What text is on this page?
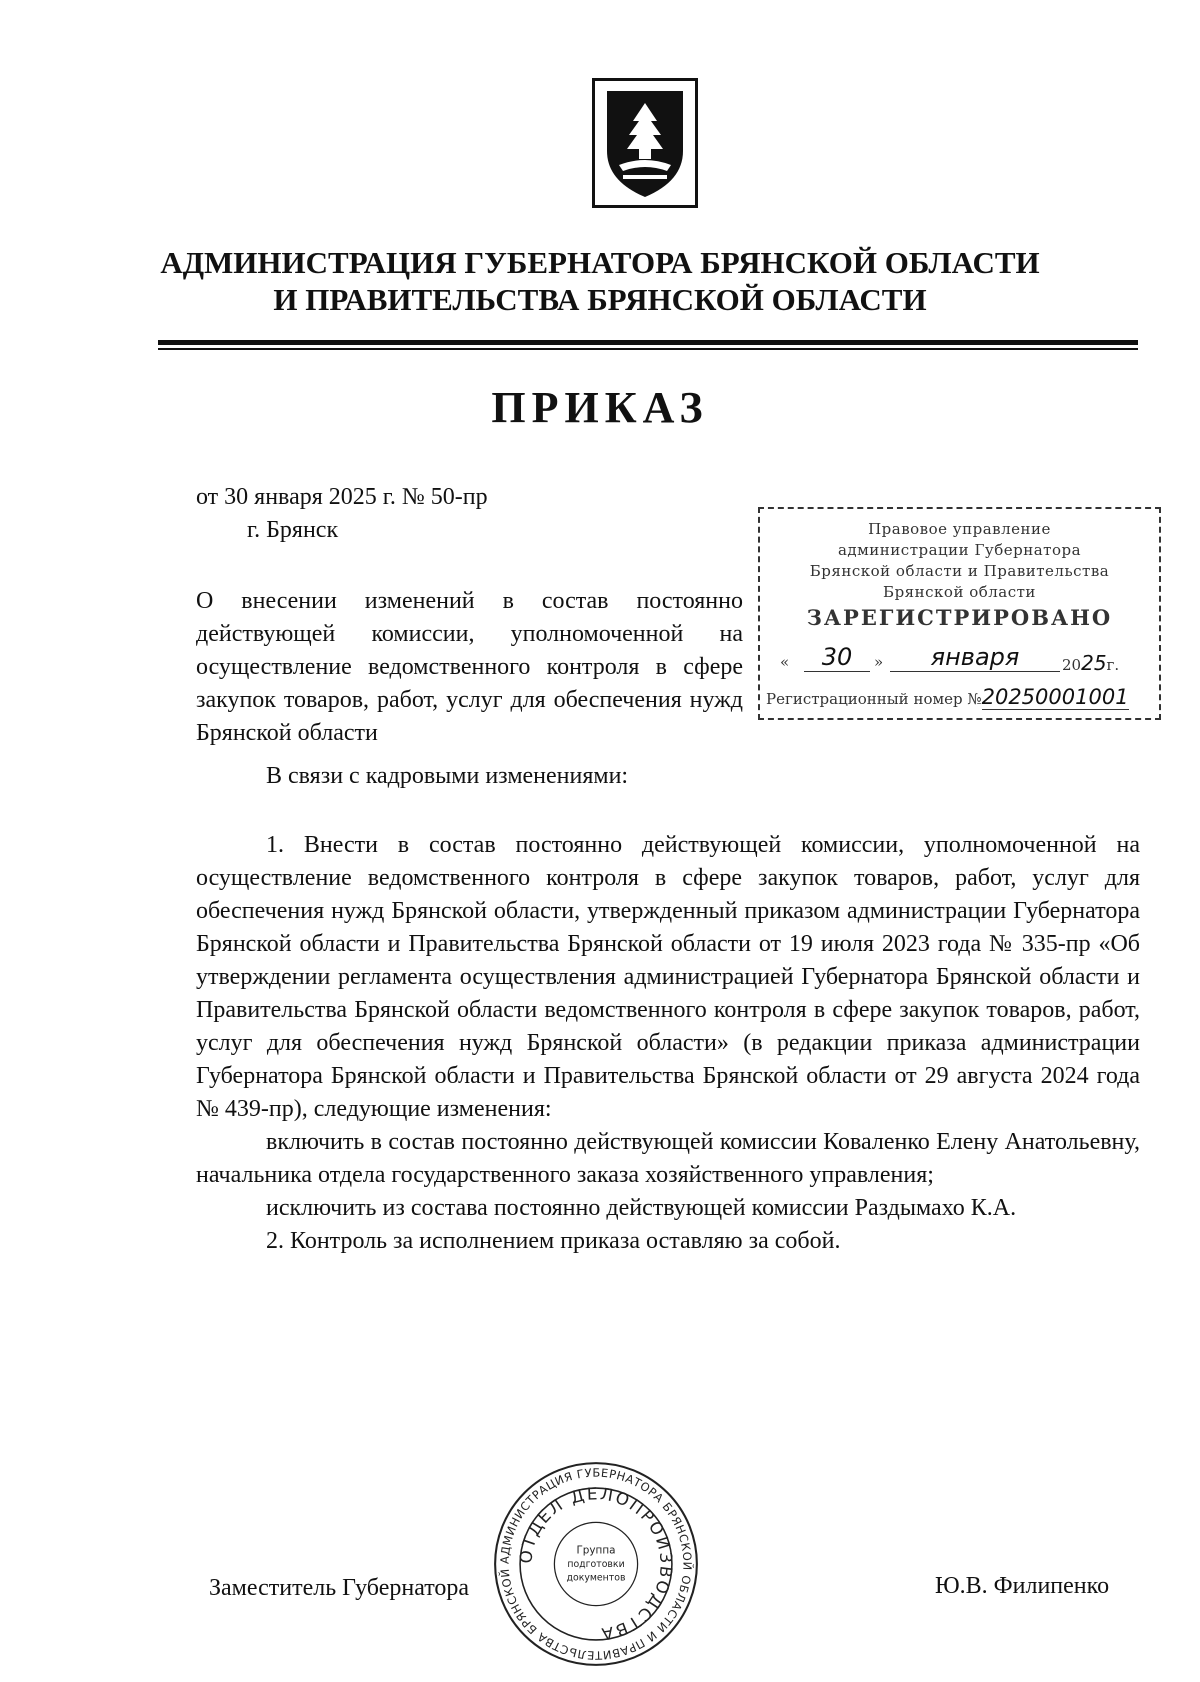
АДМИНИСТРАЦИЯ ГУБЕРНАТОРА БРЯНСКОЙ ОБЛАСТИ
И ПРАВИТЕЛЬСТВА БРЯНСКОЙ ОБЛАСТИ
ПРИКАЗ
от 30 января 2025 г. № 50-пр
г. Брянск
О внесении изменений в состав постоянно действующей комиссии, уполномоченной на осуществление ведомственного контроля в сфере закупок товаров, работ, услуг для обеспечения нужд Брянской области
Правовое управление
администрации Губернатора
Брянской области и Правительства
Брянской области
ЗАРЕГИСТРИРОВАНО
«	30	»	января	2025г.
Регистрационный номер №20250001001

В связи с кадровыми изменениями:

1. Внести в состав постоянно действующей комиссии, уполномоченной на осуществление ведомственного контроля в сфере закупок товаров, работ, услуг для обеспечения нужд Брянской области, утвержденный приказом администрации Губернатора Брянской области и Правительства Брянской области от 19 июля 2023 года № 335-пр «Об утверждении регламента осуществления администрацией Губернатора Брянской области и Правительства Брянской области ведомственного контроля в сфере закупок товаров, работ, услуг для обеспечения нужд Брянской области» (в редакции приказа администрации Губернатора Брянской области и Правительства Брянской области от 29 августа 2024 года № 439-пр), следующие изменения:

включить в состав постоянно действующей комиссии Коваленко Елену Анатольевну, начальника отдела государственного заказа хозяйственного управления;

исключить из состава постоянно действующей комиссии Раздымахо К.А.

2. Контроль за исполнением приказа оставляю за собой.

Заместитель Губернатора	Ю.В. Филипенко
АДМИНИСТРАЦИЯ ГУБЕРНАТОРА БРЯНСКОЙ ОБЛАСТИ И ПРАВИТЕЛЬСТВА БРЯНСКОЙ
ОТДЕЛ ДЕЛОПРОИЗВОДСТВА
Группа
подготовки
документов
